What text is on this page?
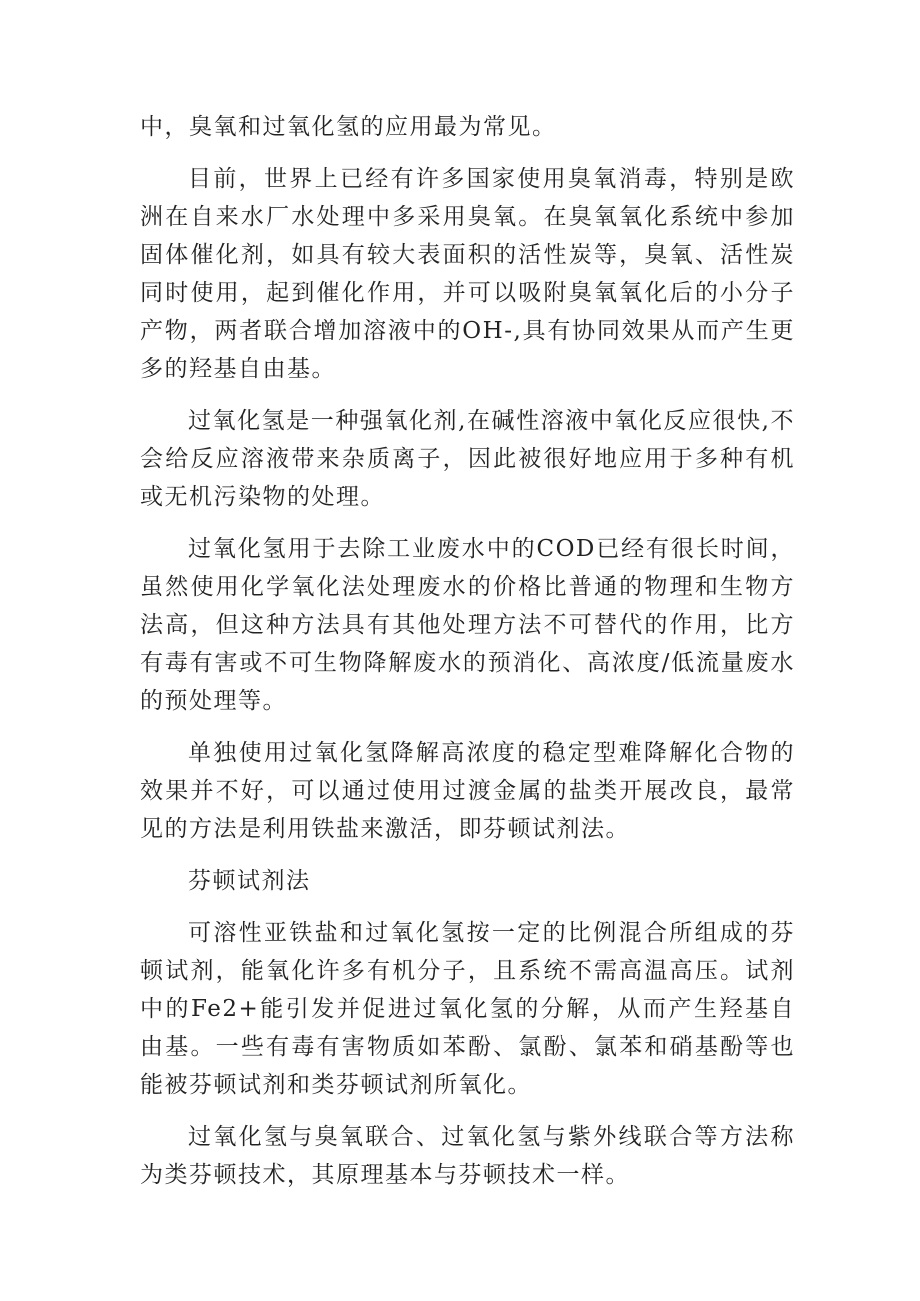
中，臭氧和过氧化氢的应用最为常见。

目前，世界上已经有许多国家使用臭氧消毒，特别是欧洲在自来水厂水处理中多采用臭氧。在臭氧氧化系统中参加固体催化剂，如具有较大表面积的活性炭等，臭氧、活性炭同时使用，起到催化作用，并可以吸附臭氧氧化后的小分子产物，两者联合增加溶液中的OH-,具有协同效果从而产生更多的羟基自由基。

过氧化氢是一种强氧化剂,在碱性溶液中氧化反应很快,不会给反应溶液带来杂质离子，因此被很好地应用于多种有机或无机污染物的处理。

过氧化氢用于去除工业废水中的COD已经有很长时间，虽然使用化学氧化法处理废水的价格比普通的物理和生物方法高，但这种方法具有其他处理方法不可替代的作用，比方有毒有害或不可生物降解废水的预消化、高浓度/低流量废水的预处理等。

单独使用过氧化氢降解高浓度的稳定型难降解化合物的效果并不好，可以通过使用过渡金属的盐类开展改良，最常见的方法是利用铁盐来激活，即芬顿试剂法。

芬顿试剂法

可溶性亚铁盐和过氧化氢按一定的比例混合所组成的芬顿试剂，能氧化许多有机分子，且系统不需高温高压。试剂中的Fe2+能引发并促进过氧化氢的分解，从而产生羟基自由基。一些有毒有害物质如苯酚、氯酚、氯苯和硝基酚等也能被芬顿试剂和类芬顿试剂所氧化。

过氧化氢与臭氧联合、过氧化氢与紫外线联合等方法称为类芬顿技术，其原理基本与芬顿技术一样。
